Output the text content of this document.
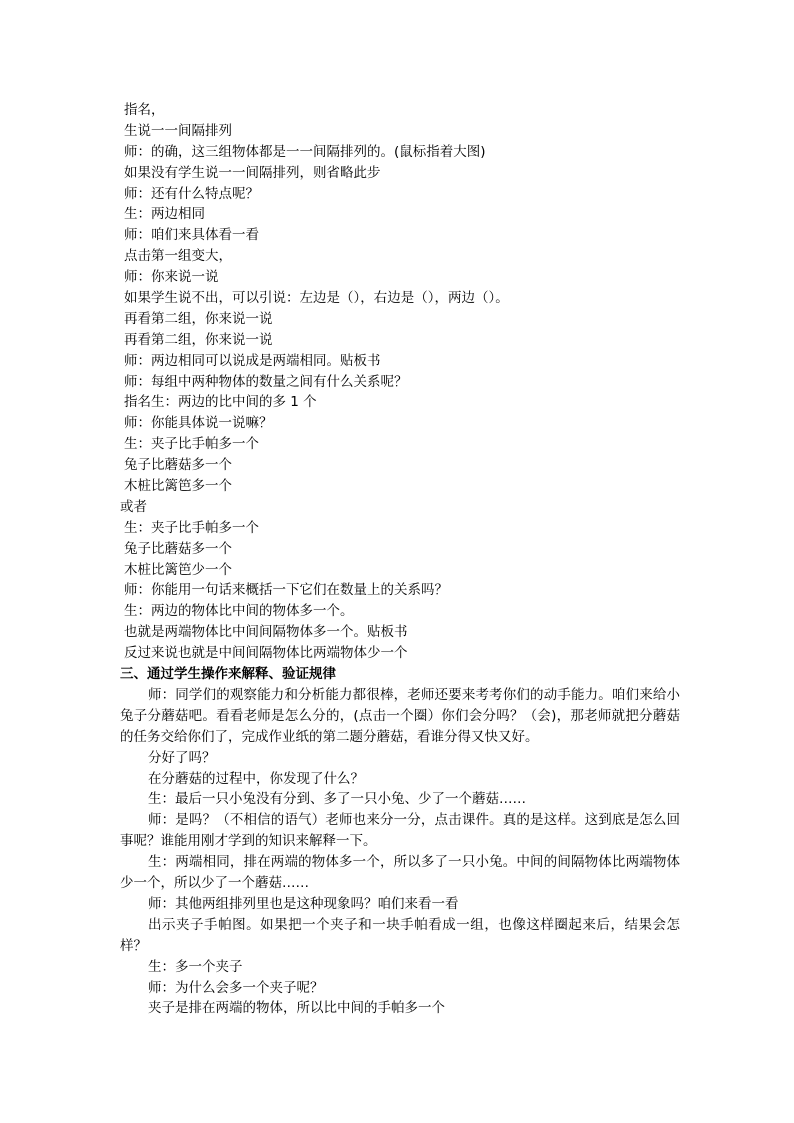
指名，
生说一一间隔排列
师：的确，这三组物体都是一一间隔排列的。(鼠标指着大图)
如果没有学生说一一间隔排列，则省略此步
师：还有什么特点呢？
生：两边相同
师：咱们来具体看一看
点击第一组变大，
师：你来说一说
如果学生说不出，可以引说：左边是（），右边是（），两边（）。
再看第二组，你来说一说
再看第二组，你来说一说
师：两边相同可以说成是两端相同。贴板书
师：每组中两种物体的数量之间有什么关系呢？
指名生：两边的比中间的多 1 个
师：你能具体说一说嘛？
生：夹子比手帕多一个
兔子比蘑菇多一个
木桩比篱笆多一个
或者
生：夹子比手帕多一个
兔子比蘑菇多一个
木桩比篱笆少一个
师：你能用一句话来概括一下它们在数量上的关系吗？
生：两边的物体比中间的物体多一个。
也就是两端物体比中间间隔物体多一个。贴板书
反过来说也就是中间间隔物体比两端物体少一个
三、通过学生操作来解释、验证规律
师：同学们的观察能力和分析能力都很棒，老师还要来考考你们的动手能力。咱们来给小兔子分蘑菇吧。看看老师是怎么分的，(点击一个圈）你们会分吗？（会)，那老师就把分蘑菇的任务交给你们了，完成作业纸的第二题分蘑菇，看谁分得又快又好。
分好了吗？
在分蘑菇的过程中，你发现了什么？
生：最后一只小兔没有分到、多了一只小兔、少了一个蘑菇……
师：是吗？（不相信的语气）老师也来分一分，点击课件。真的是这样。这到底是怎么回事呢？谁能用刚才学到的知识来解释一下。
生：两端相同，排在两端的物体多一个，所以多了一只小兔。中间的间隔物体比两端物体少一个，所以少了一个蘑菇……
师：其他两组排列里也是这种现象吗？咱们来看一看
出示夹子手帕图。如果把一个夹子和一块手帕看成一组，也像这样圈起来后，结果会怎样？
生：多一个夹子
师：为什么会多一个夹子呢？
夹子是排在两端的物体，所以比中间的手帕多一个
